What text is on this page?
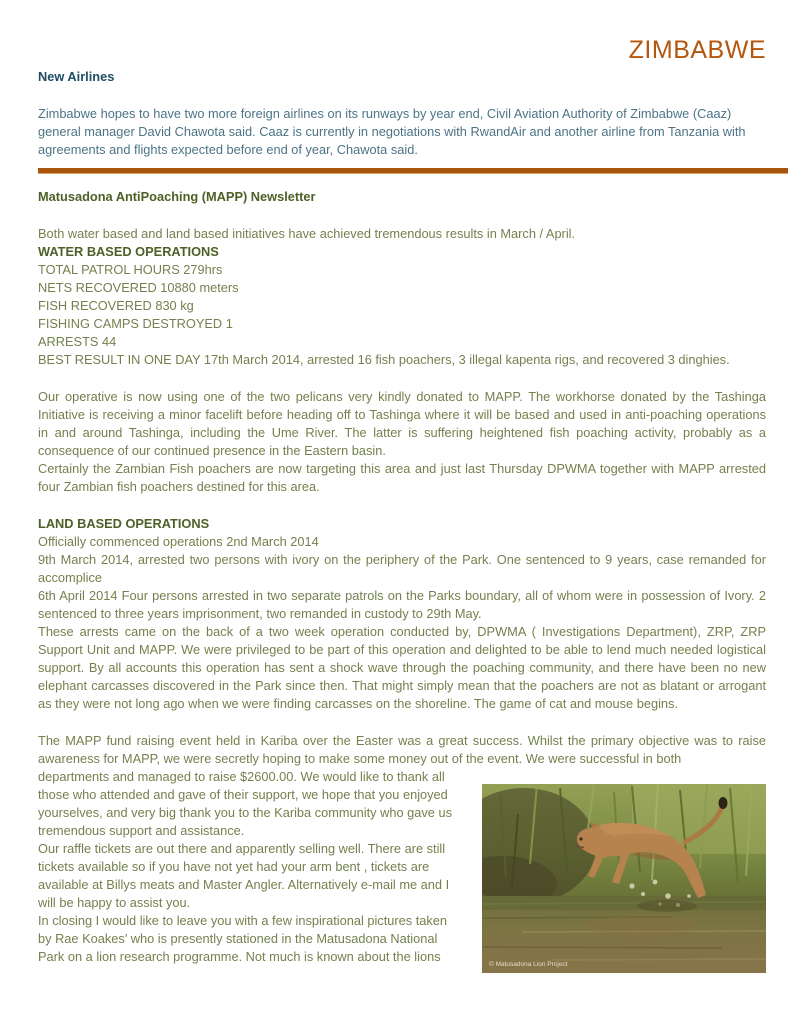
ZIMBABWE
New Airlines
Zimbabwe hopes to have two more foreign airlines on its runways by year end, Civil Aviation Authority of Zimbabwe (Caaz) general manager David Chawota said. Caaz is currently in negotiations with RwandAir and another airline from Tanzania with agreements and flights expected before end of year, Chawota said.
Matusadona AntiPoaching (MAPP) Newsletter
Both water based and land based initiatives have achieved tremendous results in March / April.
WATER BASED OPERATIONS
TOTAL PATROL HOURS 279hrs
NETS RECOVERED 10880 meters
FISH RECOVERED 830 kg
FISHING CAMPS DESTROYED 1
ARRESTS 44
BEST RESULT IN ONE DAY 17th March 2014, arrested 16 fish poachers, 3 illegal kapenta rigs, and recovered 3 dinghies.
Our operative is now using one of the two pelicans very kindly donated to MAPP. The workhorse donated by the Tashinga Initiative is receiving a minor facelift before heading off to Tashinga where it will be based and used in anti-poaching operations in and around Tashinga, including the Ume River. The latter is suffering heightened fish poaching activity, probably as a consequence of our continued presence in the Eastern basin.
Certainly the Zambian Fish poachers are now targeting this area and just last Thursday DPWMA together with MAPP arrested four Zambian fish poachers destined for this area.
LAND BASED OPERATIONS
Officially commenced operations 2nd March 2014
9th March 2014, arrested two persons with ivory on the periphery of the Park. One sentenced to 9 years, case remanded for accomplice
6th April 2014 Four persons arrested in two separate patrols on the Parks boundary, all of whom were in possession of Ivory. 2 sentenced to three years imprisonment, two remanded in custody to 29th May.
These arrests came on the back of a two week operation conducted by, DPWMA ( Investigations Department), ZRP, ZRP Support Unit and MAPP. We were privileged to be part of this operation and delighted to be able to lend much needed logistical support. By all accounts this operation has sent a shock wave through the poaching community, and there have been no new elephant carcasses discovered in the Park since then. That might simply mean that the poachers are not as blatant or arrogant as they were not long ago when we were finding carcasses on the shoreline. The game of cat and mouse begins.
The MAPP fund raising event held in Kariba over the Easter was a great success. Whilst the primary objective was to raise awareness for MAPP, we were secretly hoping to make some money out of the event. We were successful in both
departments and managed to raise $2600.00. We would like to thank all those who attended and gave of their support, we hope that you enjoyed yourselves, and very big thank you to the Kariba community who gave us tremendous support and assistance.
Our raffle tickets are out there and apparently selling well. There are still tickets available so if you have not yet had your arm bent , tickets are available at Billys meats and Master Angler. Alternatively e-mail me and I will be happy to assist you.
In closing I would like to leave you with a few inspirational pictures taken by Rae Koakes’ who is presently stationed in the Matusadona National Park on a lion research programme. Not much is known about the lions
© Matusadona Lion Project
